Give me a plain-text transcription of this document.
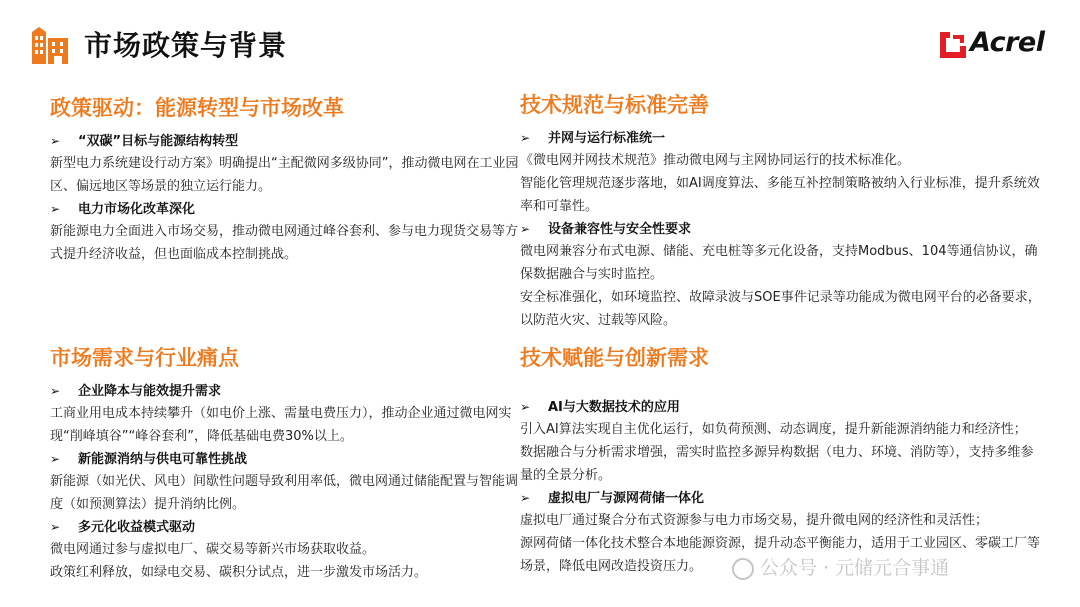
市场政策与背景	Acrel
政策驱动：能源转型与市场改革
➢ “双碳”目标与能源结构转型
新型电力系统建设行动方案》明确提出“主配微网多级协同”，推动微电网在工业园区、偏远地区等场景的独立运行能力。
➢ 电力市场化改革深化
新能源电力全面进入市场交易，推动微电网通过峰谷套利、参与电力现货交易等方式提升经济收益，但也面临成本控制挑战。
市场需求与行业痛点
➢ 企业降本与能效提升需求
工商业用电成本持续攀升（如电价上涨、需量电费压力），推动企业通过微电网实现“削峰填谷”“峰谷套利”，降低基础电费30%以上。
➢ 新能源消纳与供电可靠性挑战
新能源（如光伏、风电）间歇性问题导致利用率低，微电网通过储能配置与智能调度（如预测算法）提升消纳比例。
➢ 多元化收益模式驱动
微电网通过参与虚拟电厂、碳交易等新兴市场获取收益。
政策红利释放，如绿电交易、碳积分试点，进一步激发市场活力。
技术规范与标准完善
➢ 并网与运行标准统一
《微电网并网技术规范》推动微电网与主网协同运行的技术标准化。
智能化管理规范逐步落地，如AI调度算法、多能互补控制策略被纳入行业标准，提升系统效率和可靠性。
➢ 设备兼容性与安全性要求
微电网兼容分布式电源、储能、充电桩等多元化设备，支持Modbus、104等通信协议，确保数据融合与实时监控。
安全标准强化，如环境监控、故障录波与SOE事件记录等功能成为微电网平台的必备要求，以防范火灾、过载等风险。
技术赋能与创新需求
➢ AI与大数据技术的应用
引入AI算法实现自主优化运行，如负荷预测、动态调度，提升新能源消纳能力和经济性；
数据融合与分析需求增强，需实时监控多源异构数据（电力、环境、消防等），支持多维参量的全景分析。
➢ 虚拟电厂与源网荷储一体化
虚拟电厂通过聚合分布式资源参与电力市场交易，提升微电网的经济性和灵活性；
源网荷储一体化技术整合本地能源资源，提升动态平衡能力，适用于工业园区、零碳工厂等场景，降低电网改造投资压力。	公众号 · 元储元合事通
